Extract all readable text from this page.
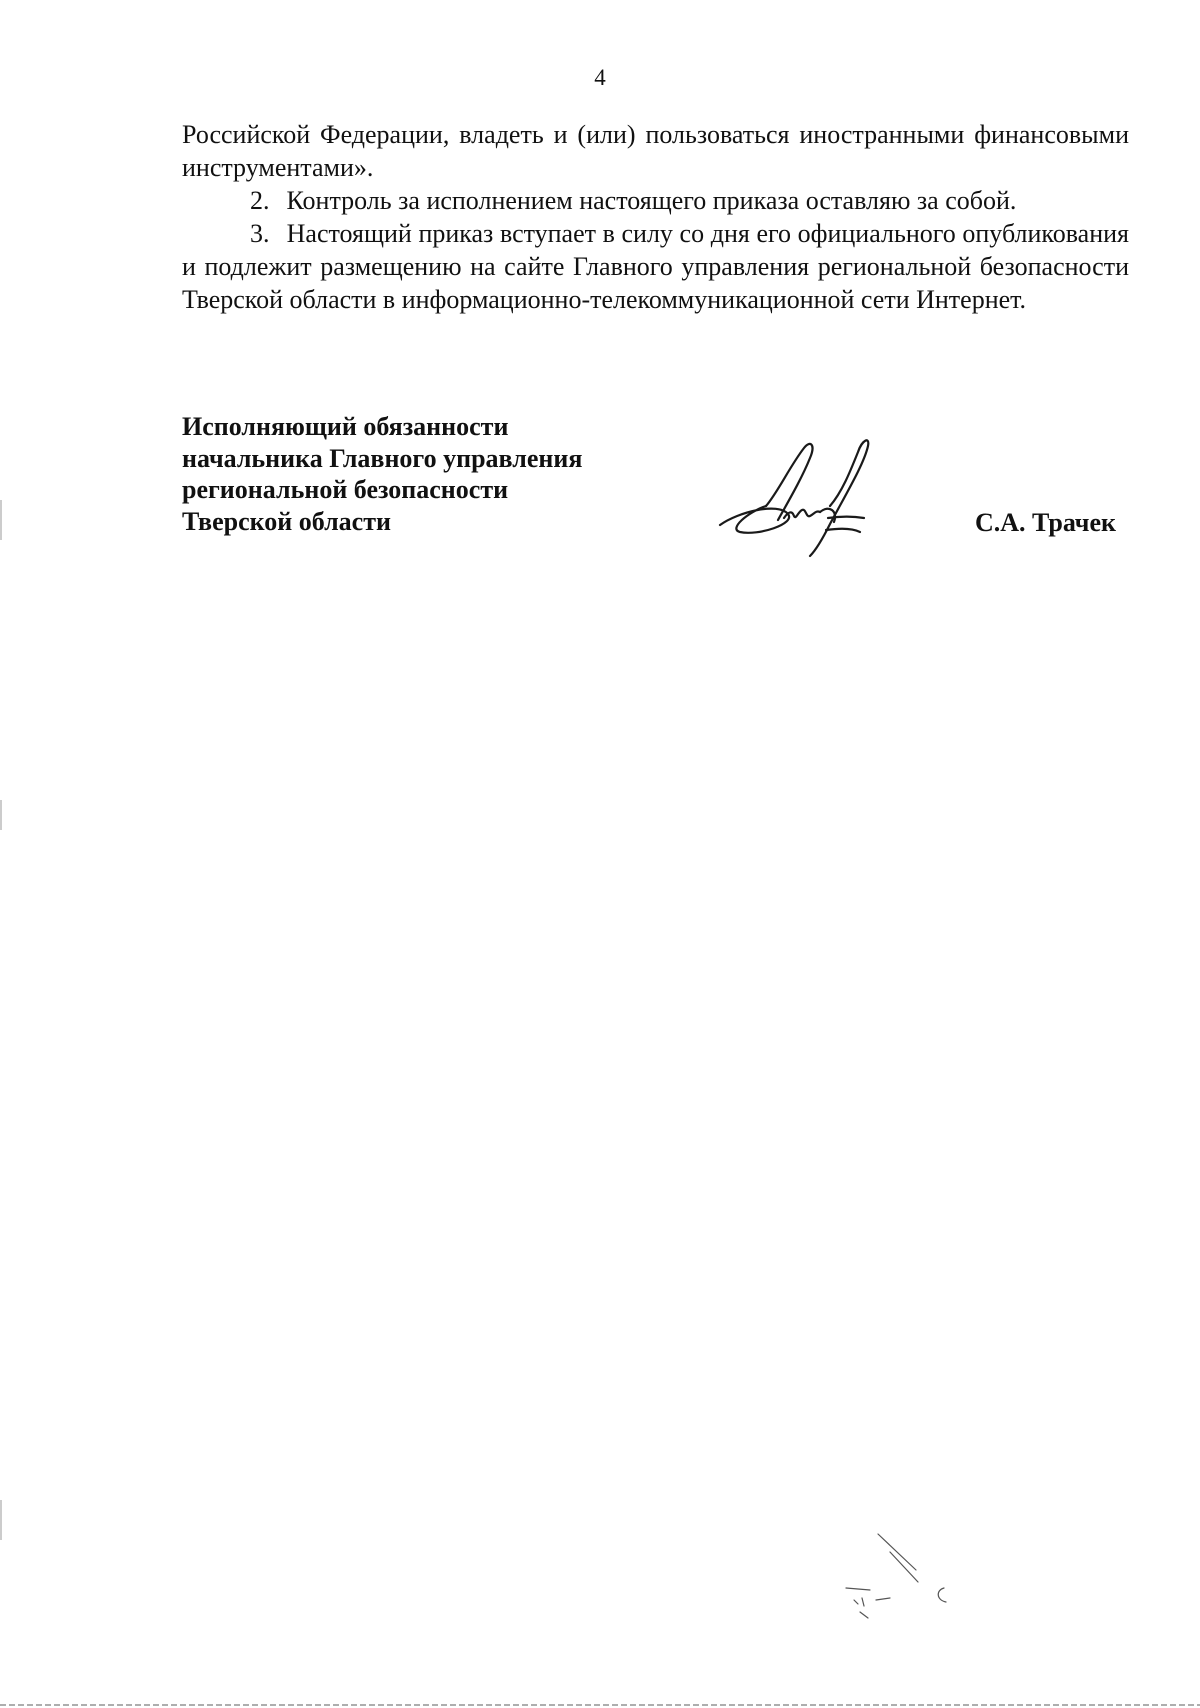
4

Российской Федерации, владеть и (или) пользоваться иностранными финансовыми инструментами».

2. Контроль за исполнением настоящего приказа оставляю за собой.

3. Настоящий приказ вступает в силу со дня его официального опубликования и подлежит размещению на сайте Главного управления региональной безопасности Тверской области в информационно-телекоммуникационной сети Интернет.

Исполняющий обязанности
начальника Главного управления
региональной безопасности
Тверской области	С.А. Трачек
